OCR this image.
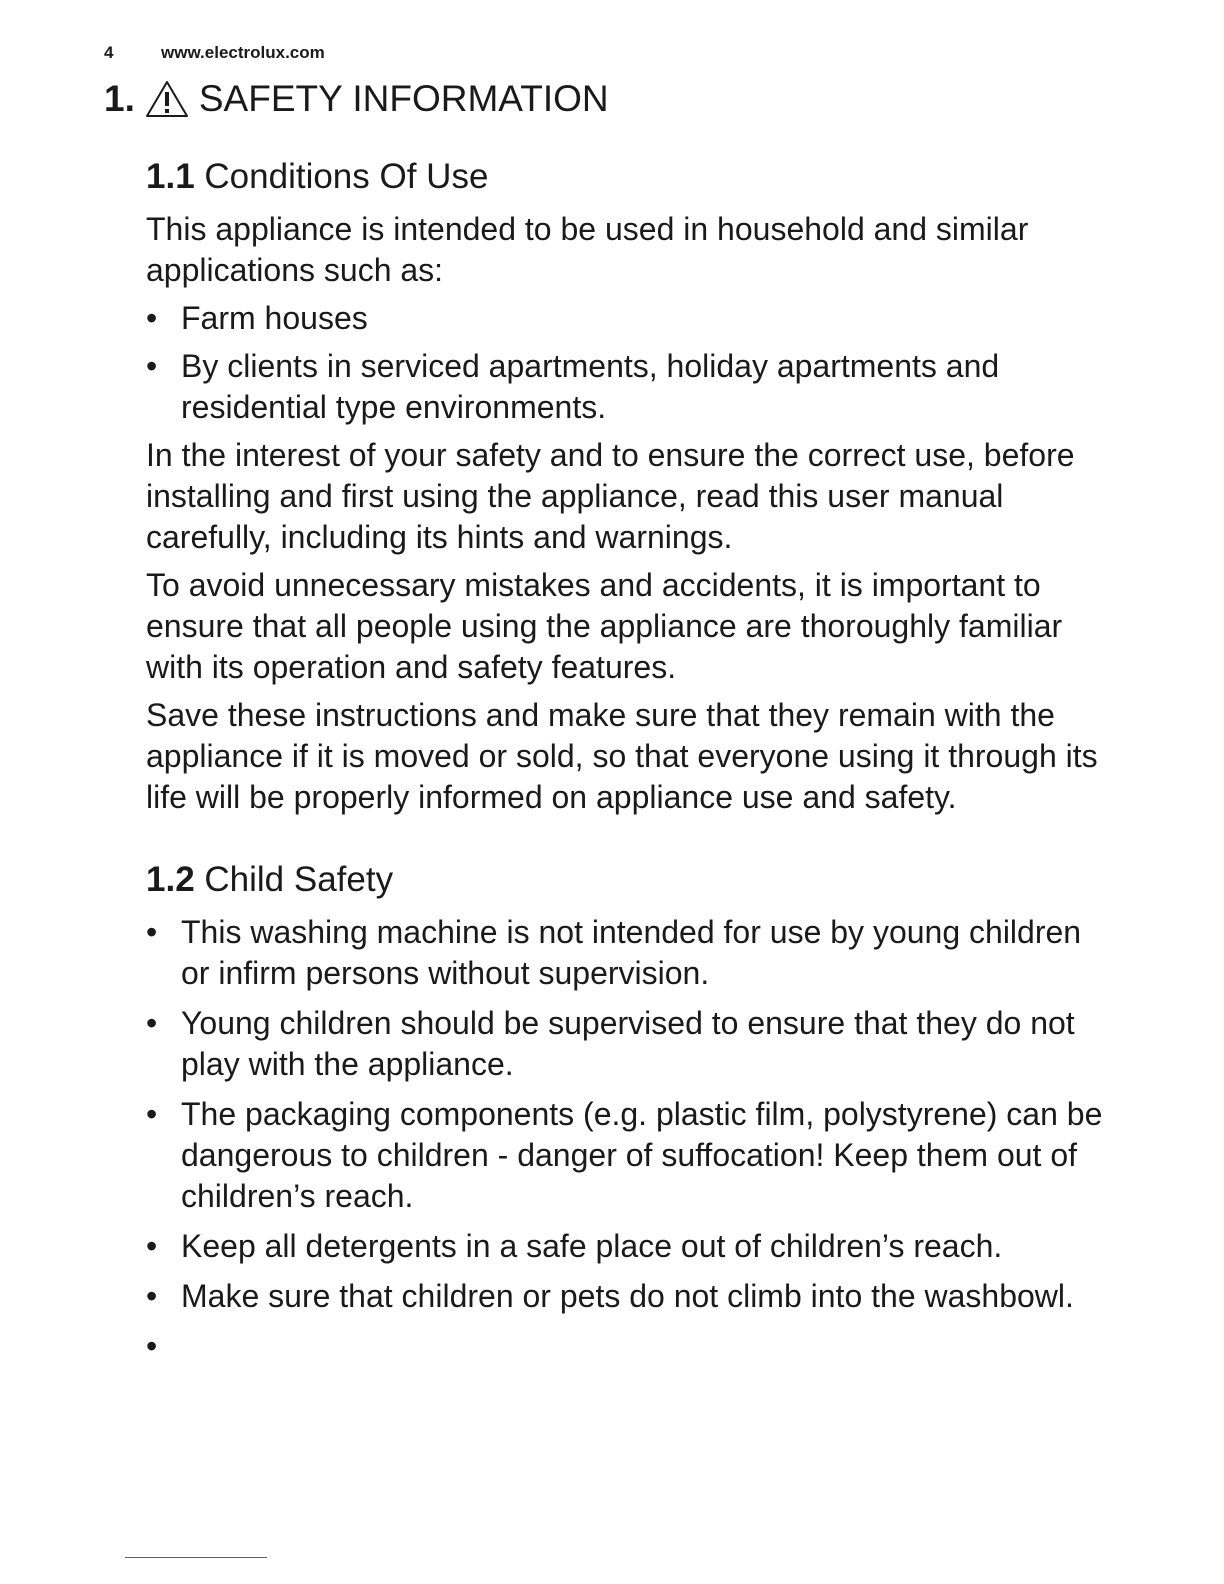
4	www.electrolux.com
1. SAFETY INFORMATION
1.1 Conditions Of Use

This appliance is intended to be used in household and similar applications such as:

• Farm houses
• By clients in serviced apartments, holiday apartments and residential type environments.

In the interest of your safety and to ensure the correct use, before installing and first using the appliance, read this user manual carefully, including its hints and warnings.

To avoid unnecessary mistakes and accidents, it is important to ensure that all people using the appliance are thoroughly familiar with its operation and safety features.

Save these instructions and make sure that they remain with the appliance if it is moved or sold, so that everyone using it through its life will be properly informed on appliance use and safety.

1.2 Child Safety
• This washing machine is not intended for use by young children or infirm persons without supervision.
• Young children should be supervised to ensure that they do not play with the appliance.
• The packaging components (e.g. plastic film, polystyrene) can be dangerous to children - danger of suffocation! Keep them out of children’s reach.
• Keep all detergents in a safe place out of children’s reach.
• Make sure that children or pets do not climb into the washbowl.
•
